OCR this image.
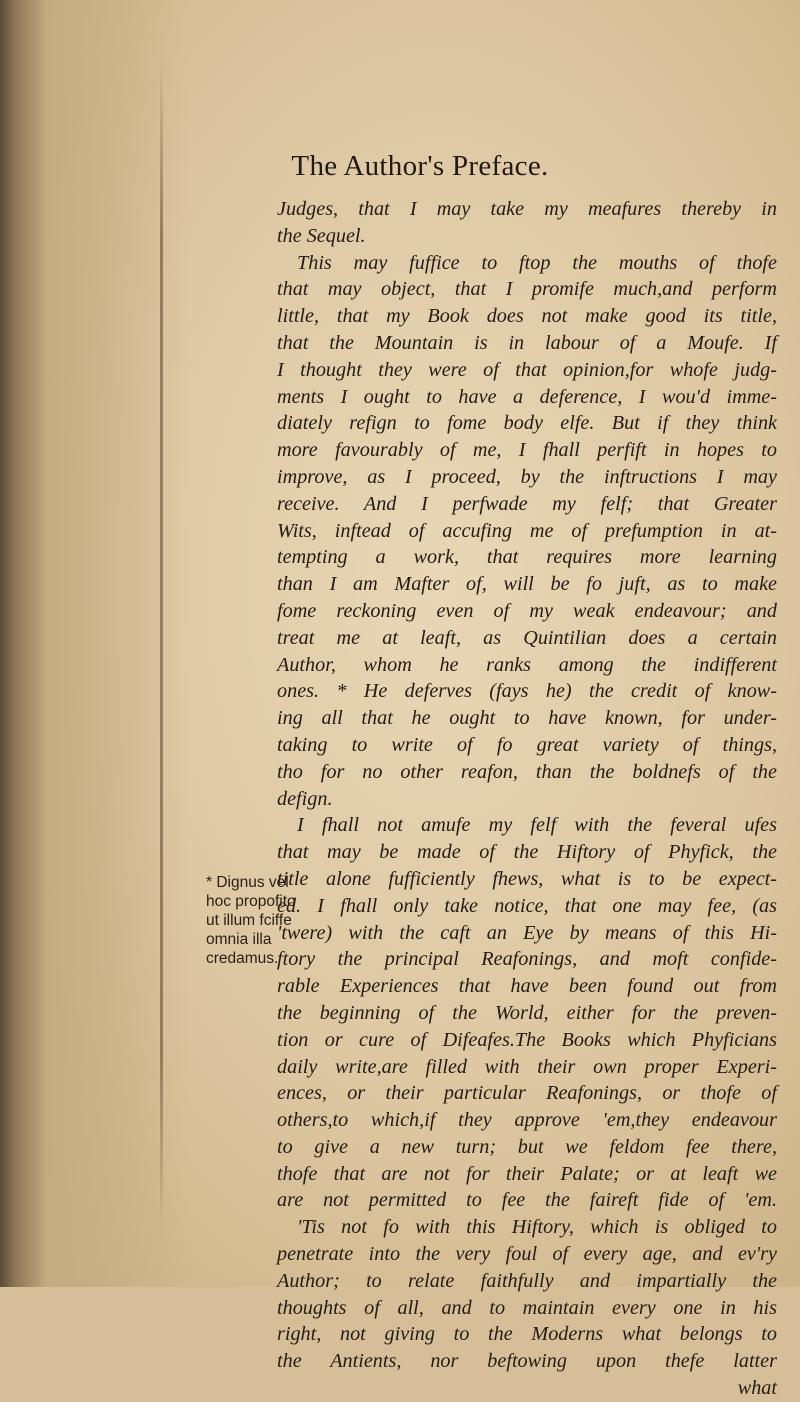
The Author's Preface.
Judges, that I may take my meafures thereby in
the Sequel.
This may fuffice to ftop the mouths of thofe
that may object, that I promife much,and perform
little, that my Book does not make good its title,
that the Mountain is in labour of a Moufe. If
I thought they were of that opinion,for whofe judg-
ments I ought to have a deference, I wou'd imme-
diately refign to fome body elfe. But if they think
more favourably of me, I fhall perfift in hopes to
improve, as I proceed, by the inftructions I may
receive. And I perfwade my felf; that Greater
Wits, inftead of accufing me of prefumption in at-
tempting a work, that requires more learning
than I am Mafter of, will be fo juft, as to make
fome reckoning even of my weak endeavour; and
treat me at leaft, as Quintilian does a certain
Author, whom he ranks among the indifferent
ones. * He deferves (fays he) the credit of know-
ing all that he ought to have known, for under-
taking to write of fo great variety of things,
tho for no other reafon, than the boldnefs of the
defign.
I fhall not amufe my felf with the feveral ufes
that may be made of the Hiftory of Phyfick, the
title alone fufficiently fhews, what is to be expect-
ed. I fhall only take notice, that one may fee, (as
'twere) with the caft an Eye by means of this Hi-
ftory the principal Reafonings, and moft confide-
rable Experiences that have been found out from
the beginning of the World, either for the preven-
tion or cure of Difeafes.The Books which Phyficians
daily write,are filled with their own proper Experi-
ences, or their particular Reafonings, or thofe of
others,to which,if they approve 'em,they endeavour
to give a new turn; but we feldom fee there,
thofe that are not for their Palate; or at leaft we
are not permitted to fee the faireft fide of 'em.
'Tis not fo with this Hiftory, which is obliged to
penetrate into the very foul of every age, and ev'ry
Author; to relate faithfully and impartially the
thoughts of all, and to maintain every one in his
right, not giving to the Moderns what belongs to
the Antients, nor beftowing upon thefe latter
what
* Dignus vel
hoc propofito
ut illum fciffe
omnia illa
credamus.
